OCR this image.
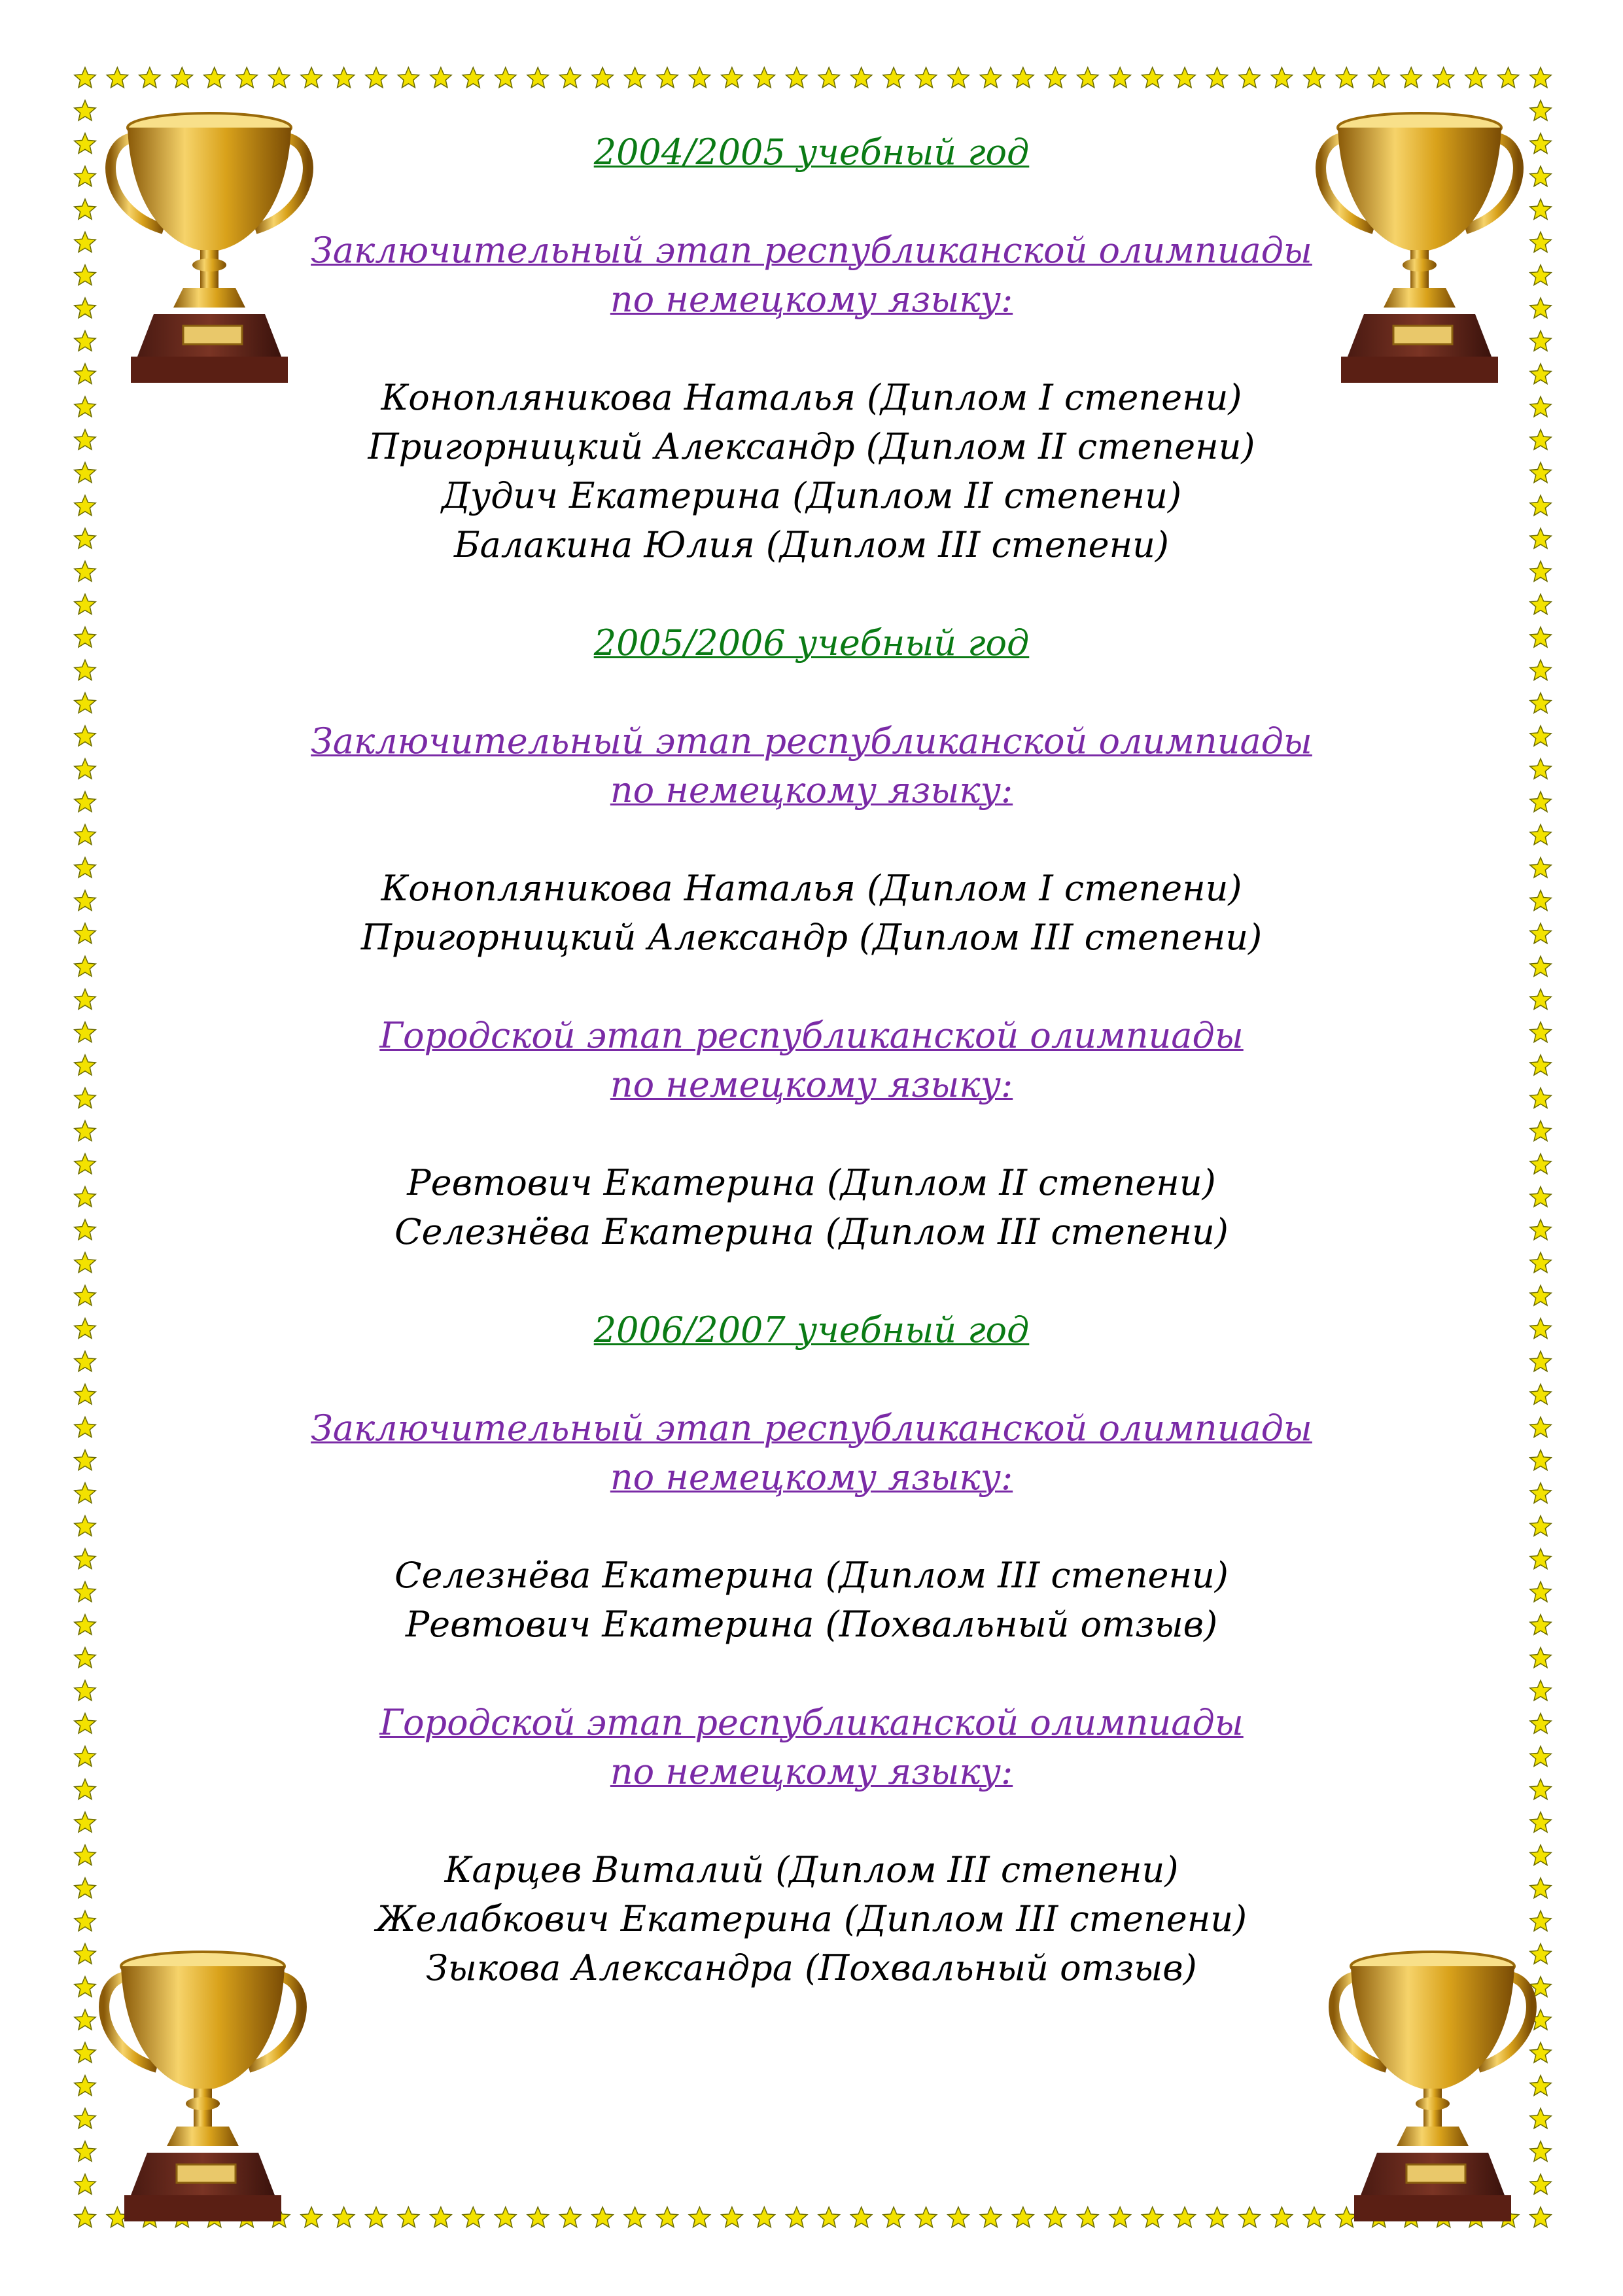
2004/2005 учебный год
Заключительный этап республиканской олимпиады
по немецкому языку:
Конопляникова Наталья (Диплом I степени)
Пригорницкий Александр (Диплом II степени)
Дудич Екатерина (Диплом II степени)
Балакина Юлия (Диплом III степени)
2005/2006 учебный год
Заключительный этап республиканской олимпиады
по немецкому языку:
Конопляникова Наталья (Диплом I степени)
Пригорницкий Александр (Диплом III степени)
Городской этап республиканской олимпиады
по немецкому языку:
Ревтович Екатерина (Диплом II степени)
Селезнёва Екатерина (Диплом III степени)
2006/2007 учебный год
Заключительный этап республиканской олимпиады
по немецкому языку:
Селезнёва Екатерина (Диплом III степени)
Ревтович Екатерина (Похвальный отзыв)
Городской этап республиканской олимпиады
по немецкому языку:
Карцев Виталий (Диплом III степени)
Желабкович Екатерина (Диплом III степени)
Зыкова Александра (Похвальный отзыв)
